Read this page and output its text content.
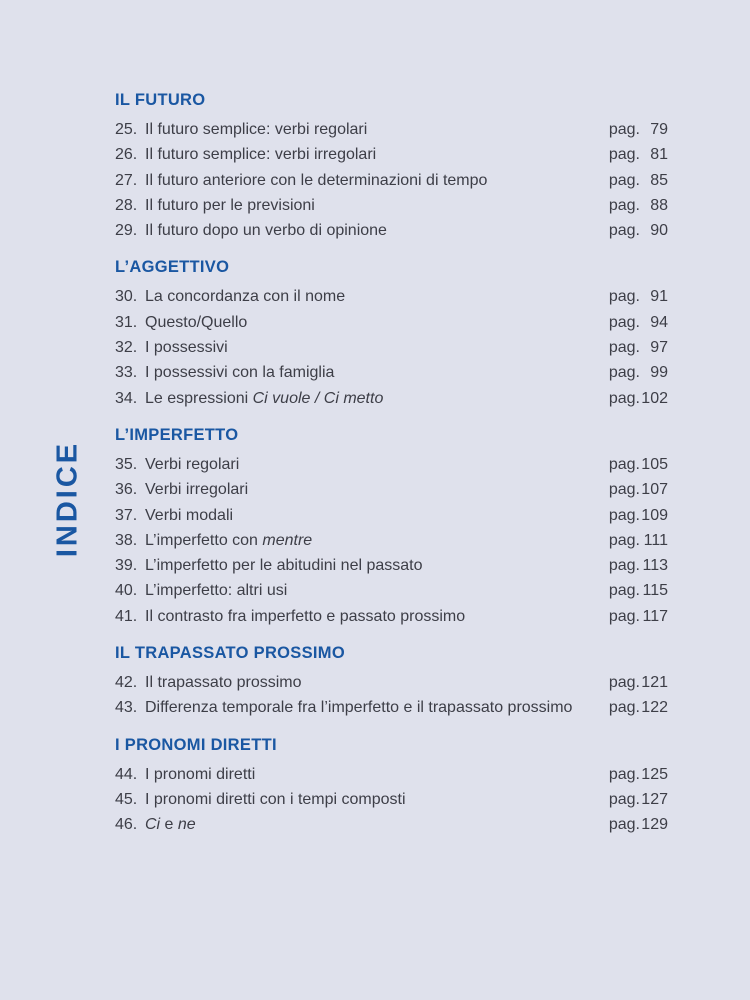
INDICE
IL FUTURO
25. Il futuro semplice: verbi regolari	pag. 79
26. Il futuro semplice: verbi irregolari	pag. 81
27. Il futuro anteriore con le determinazioni di tempo	pag. 85
28. Il futuro per le previsioni	pag. 88
29. Il futuro dopo un verbo di opinione	pag. 90
L’AGGETTIVO
30. La concordanza con il nome	pag. 91
31. Questo/Quello	pag. 94
32. I possessivi	pag. 97
33. I possessivi con la famiglia	pag. 99
34. Le espressioni Ci vuole / Ci metto	pag. 102
L’IMPERFETTO
35. Verbi regolari	pag. 105
36. Verbi irregolari	pag. 107
37. Verbi modali	pag. 109
38. L’imperfetto con mentre	pag. 111
39. L’imperfetto per le abitudini nel passato	pag. 113
40. L’imperfetto: altri usi	pag. 115
41. Il contrasto fra imperfetto e passato prossimo	pag. 117
IL TRAPASSATO PROSSIMO
42. Il trapassato prossimo	pag. 121
43. Differenza temporale fra l’imperfetto e il trapassato prossimo	pag. 122
I PRONOMI DIRETTI
44. I pronomi diretti	pag. 125
45. I pronomi diretti con i tempi composti	pag. 127
46. Ci e ne	pag. 129
